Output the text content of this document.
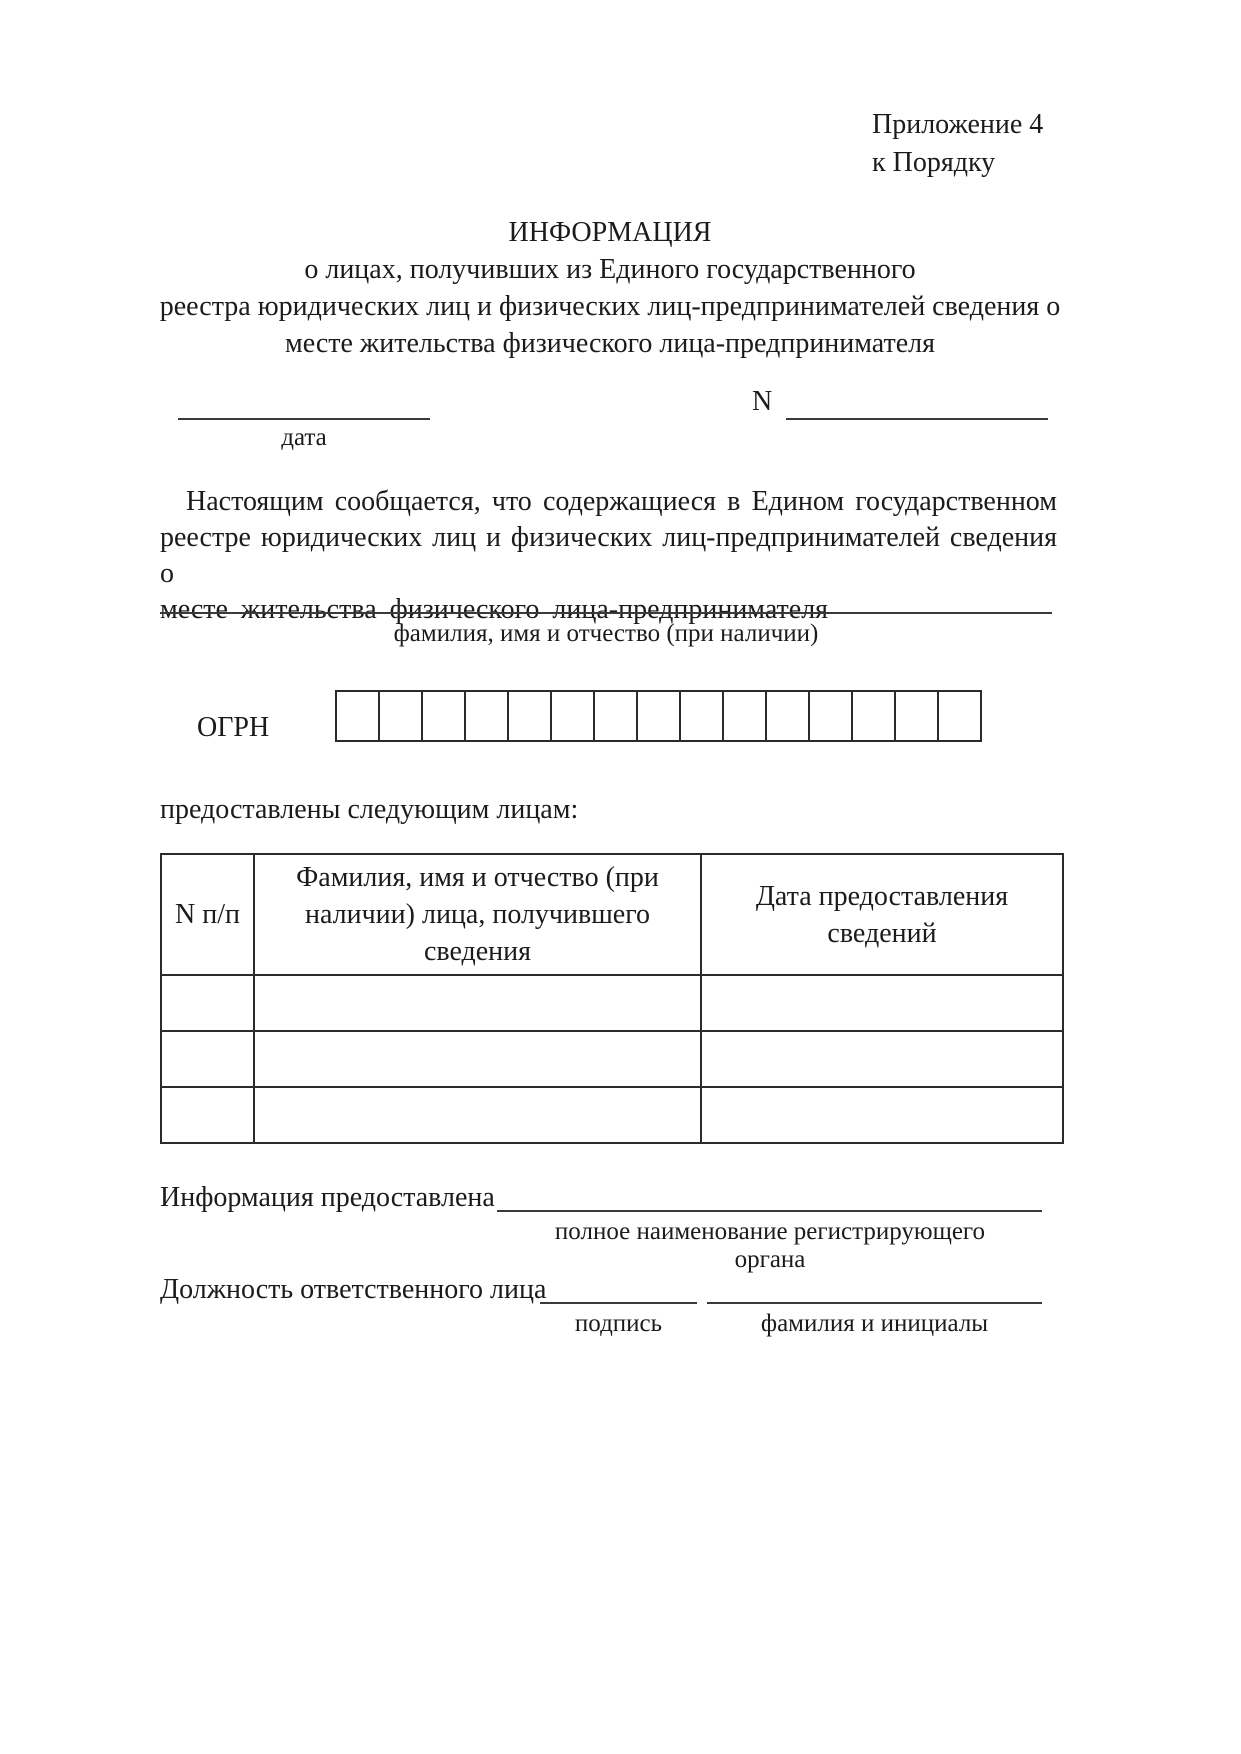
Приложение 4
к Порядку
ИНФОРМАЦИЯ
о лицах, получивших из Единого государственного
реестра юридических лиц и физических лиц-предпринимателей сведения о
месте жительства физического лица-предпринимателя
дата
N
Настоящим сообщается, что содержащиеся в Едином государственном
реестре юридических лиц и физических лиц-предпринимателей сведения о
месте жительства физического лица-предпринимателя
фамилия, имя и отчество (при наличии)
ОГРН
предоставлены следующим лицам:
N п/п	Фамилия, имя и отчество (при наличии) лица, получившего сведения	Дата предоставления сведений

Информация предоставлена
полное наименование регистрирующего органа
Должность ответственного лица
подпись	фамилия и инициалы
